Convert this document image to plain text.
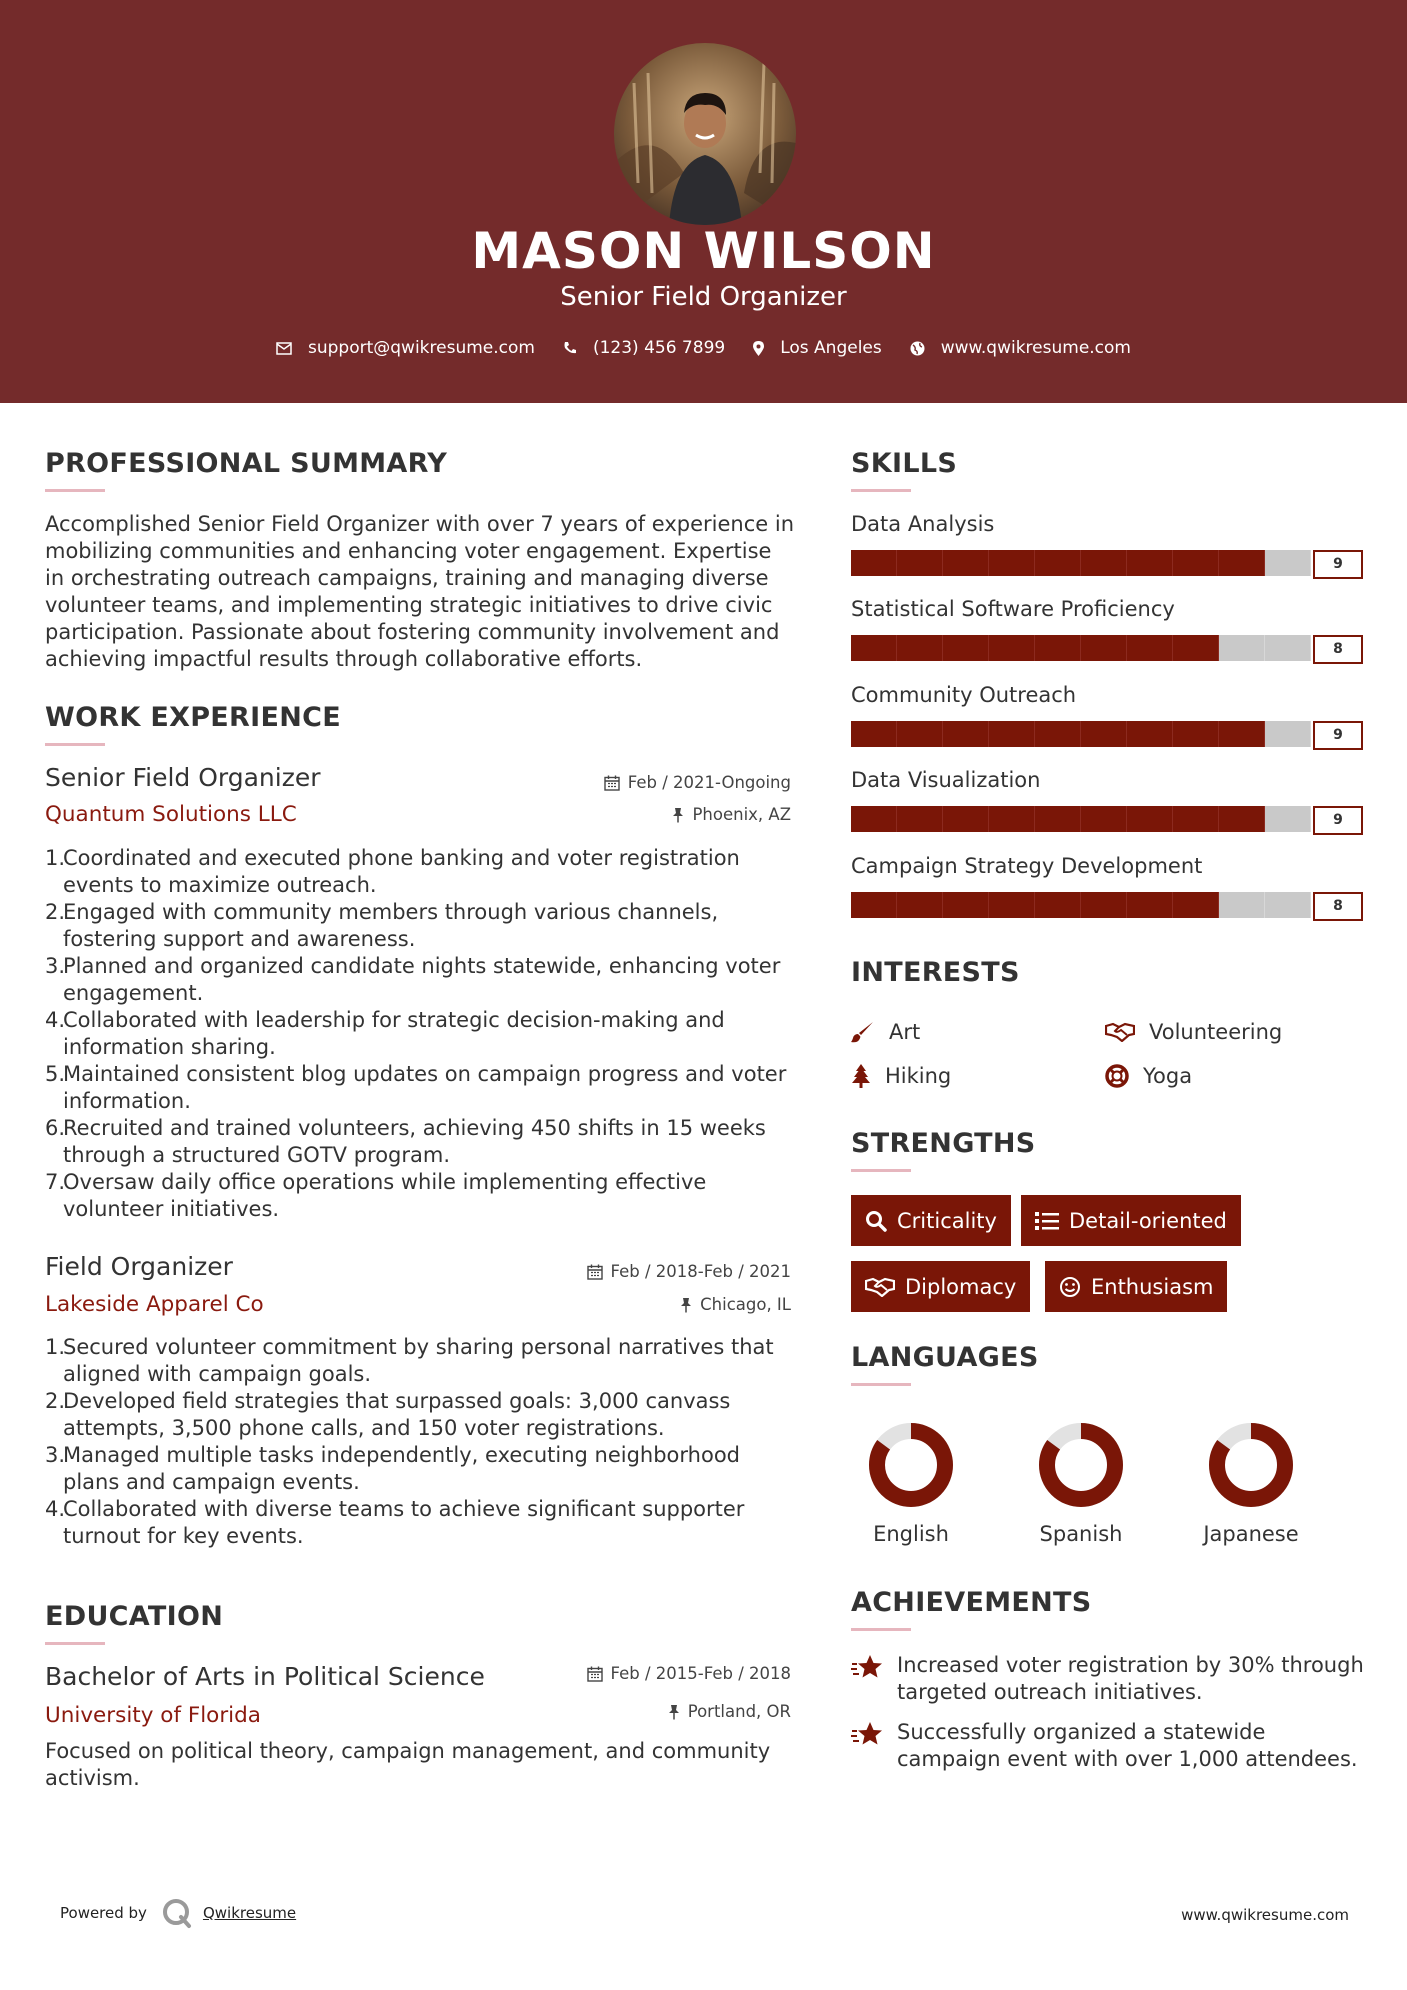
MASON WILSON
Senior Field Organizer
support@qwikresume.com	(123) 456 7899	Los Angeles	www.qwikresume.com
PROFESSIONAL SUMMARY
Accomplished Senior Field Organizer with over 7 years of experience in mobilizing communities and enhancing voter engagement. Expertise in orchestrating outreach campaigns, training and managing diverse volunteer teams, and implementing strategic initiatives to drive civic participation. Passionate about fostering community involvement and achieving impactful results through collaborative efforts.
WORK EXPERIENCE
Senior Field Organizer	Feb / 2021-Ongoing
Quantum Solutions LLC	Phoenix, AZ
1.
Coordinated and executed phone banking and voter registration events to maximize outreach.
2.
Engaged with community members through various channels, fostering support and awareness.
3.
Planned and organized candidate nights statewide, enhancing voter engagement.
4.
Collaborated with leadership for strategic decision-making and information sharing.
5.
Maintained consistent blog updates on campaign progress and voter information.
6.
Recruited and trained volunteers, achieving 450 shifts in 15 weeks through a structured GOTV program.
7.
Oversaw daily office operations while implementing effective volunteer initiatives.
Field Organizer	Feb / 2018-Feb / 2021
Lakeside Apparel Co	Chicago, IL
1.
Secured volunteer commitment by sharing personal narratives that aligned with campaign goals.
2.
Developed field strategies that surpassed goals: 3,000 canvass attempts, 3,500 phone calls, and 150 voter registrations.
3.
Managed multiple tasks independently, executing neighborhood plans and campaign events.
4.
Collaborated with diverse teams to achieve significant supporter turnout for key events.
EDUCATION
Bachelor of Arts in Political Science	Feb / 2015-Feb / 2018
University of Florida	Portland, OR
Focused on political theory, campaign management, and community activism.
SKILLS
Data Analysis
9
Statistical Software Proficiency
8
Community Outreach
9
Data Visualization
9
Campaign Strategy Development
8
INTERESTS
Art	Volunteering
Hiking	Yoga
STRENGTHS
Criticality	Detail-oriented
Diplomacy	Enthusiasm
LANGUAGES
English	Spanish	Japanese
ACHIEVEMENTS
Increased voter registration by 30% through targeted outreach initiatives.
Successfully organized a statewide campaign event with over 1,000 attendees.
Powered by	Qwikresume	www.qwikresume.com
